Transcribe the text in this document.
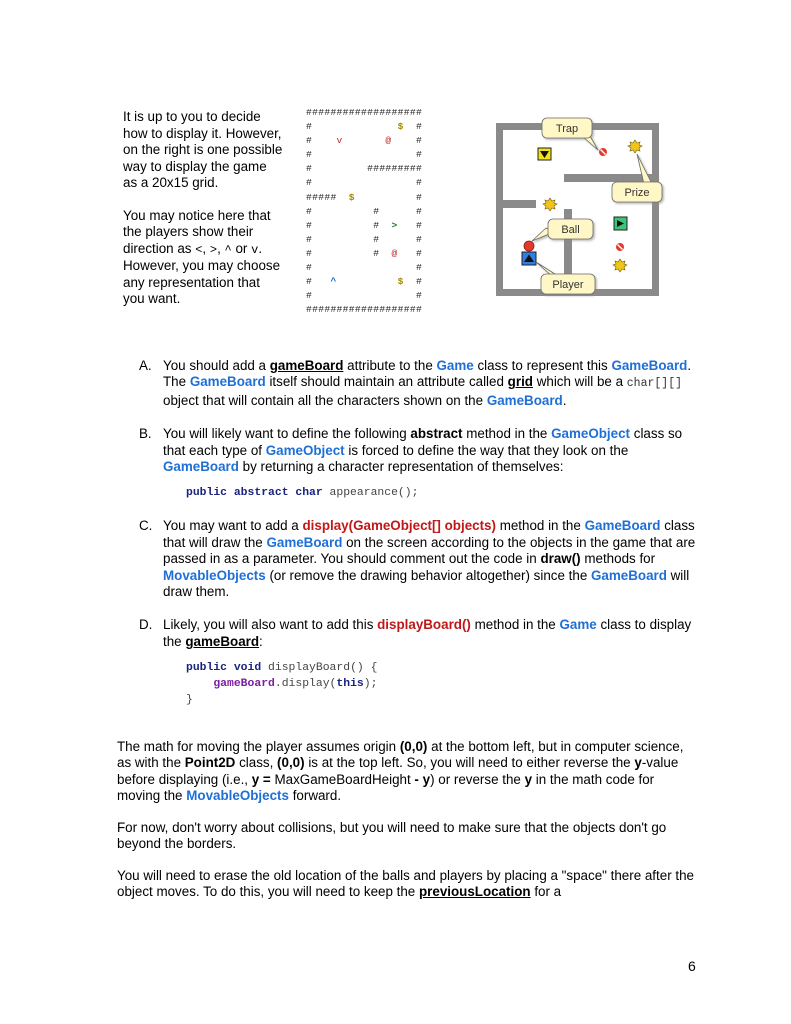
It is up to you to decide how to display it. However, on the right is one possible way to display the game as a 20x15 grid.

You may notice here that the players show their direction as <, >, ^ or v.  However, you may choose any representation that you want.

###################
#	$ #
#	v	@	#
#	#
#	#########
#	#
##### $	#
#	#	#
#	# > #
#	#	#
#	# @ #
#	#
# ^	$ #
#	#
###################
Trap
Prize
Ball
Player
A. You should add a gameBoard attribute to the Game class to represent this GameBoard. The GameBoard itself should maintain an attribute called grid which will be a char[][] object that will contain all the characters shown on the GameBoard.
B. You will likely want to define the following abstract method in the GameObject class so that each type of GameObject is forced to define the way that they look on the GameBoard by returning a character representation of themselves:
public abstract char appearance();
C. You may want to add a display(GameObject[] objects) method in the GameBoard class that will draw the GameBoard on the screen according to the objects in the game that are passed in as a parameter. You should comment out the code in draw() methods for MovableObjects (or remove the drawing behavior altogether) since the GameBoard will draw them.
D. Likely, you will also want to add this displayBoard() method in the Game class to display the gameBoard:
public void displayBoard() {
gameBoard.display(this);
}
The math for moving the player assumes origin (0,0) at the bottom left, but in computer science, as with the Point2D class, (0,0) is at the top left. So, you will need to either reverse the y-value before displaying (i.e., y = MaxGameBoardHeight - y) or reverse the y in the math code for moving the MovableObjects forward.
For now, don't worry about collisions, but you will need to make sure that the objects don't go beyond the borders.
You will need to erase the old location of the balls and players by placing a "space" there after the object moves. To do this, you will need to keep the previousLocation for a
6
